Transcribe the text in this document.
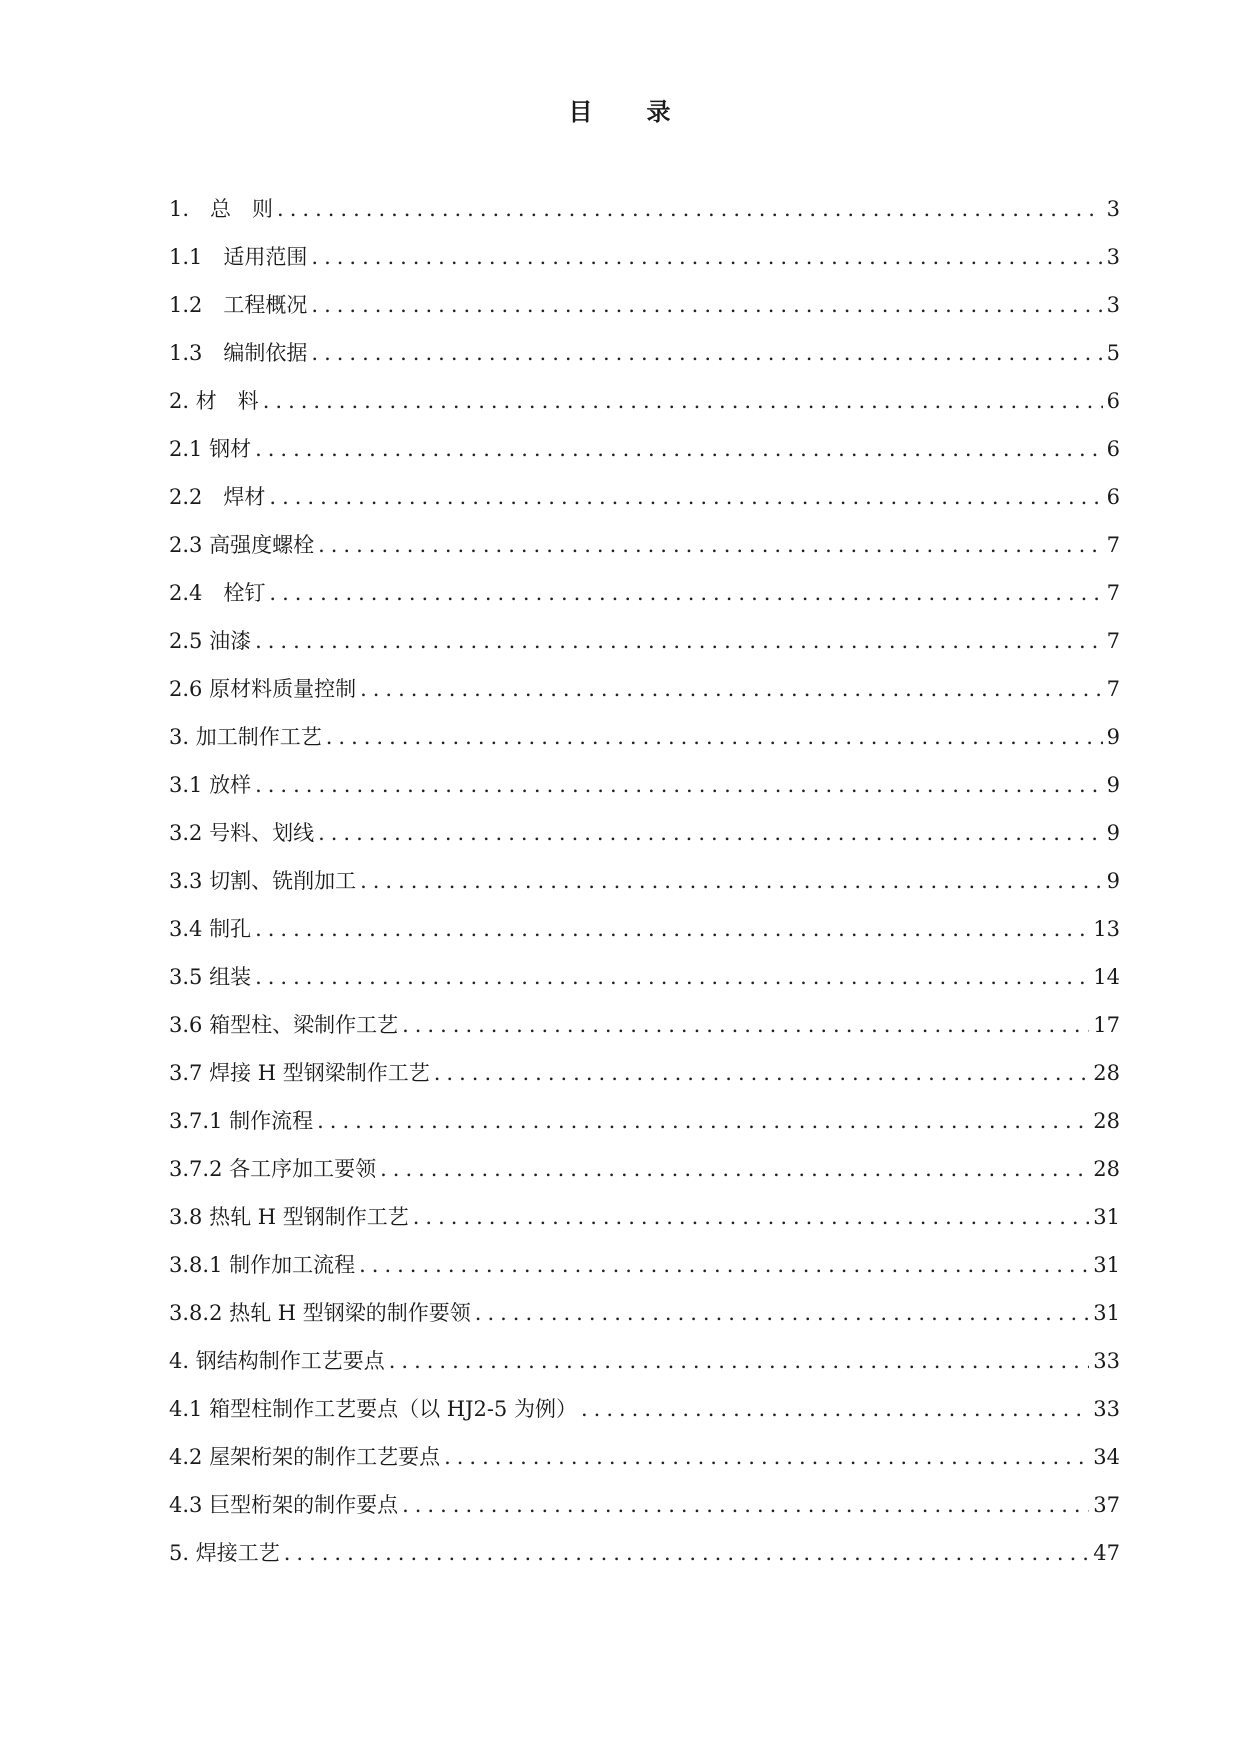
目　　录
1.　总　则 .....	3
1.1　适用范围 .....	3
1.2　工程概况 .....	3
1.3　编制依据 .....	5
2. 材　料 .....	6
2.1 钢材 .....	6
2.2　焊材 .....	6
2.3 高强度螺栓 .....	7
2.4　栓钉 .....	7
2.5 油漆 .....	7
2.6 原材料质量控制 .....	7
3. 加工制作工艺 .....	9
3.1 放样 .....	9
3.2 号料、划线 .....	9
3.3 切割、铣削加工 .....	9
3.4 制孔 .....	13
3.5 组装 .....	14
3.6 箱型柱、梁制作工艺 .....	17
3.7 焊接 H 型钢梁制作工艺 .....	28
3.7.1 制作流程 .....	28
3.7.2 各工序加工要领 .....	28
3.8 热轧 H 型钢制作工艺 .....	31
3.8.1 制作加工流程 .....	31
3.8.2 热轧 H 型钢梁的制作要领 .....	31
4. 钢结构制作工艺要点 .....	33
4.1 箱型柱制作工艺要点（以 HJ2-5 为例） .....	33
4.2 屋架桁架的制作工艺要点 .....	34
4.3 巨型桁架的制作要点 .....	37
5. 焊接工艺 .....	47
